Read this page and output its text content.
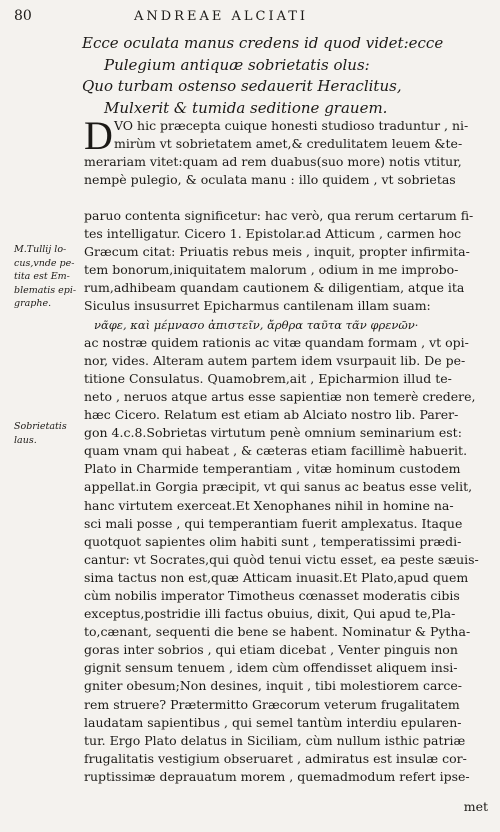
80	ANDREAE ALCIATI
Ecce oculata manus credens id quod videt:ecce
Pulegium antiquæ sobrietatis olus:
Quo turbam ostenso sedauerit Heraclitus,
Mulxerit & tumida seditione grauem.
D VO hic præcepta cuique honesti studioso traduntur , ni-
mirùm vt sobrietatem amet,& credulitatem leuem &te-
merariam vitet:quam ad rem duabus(suo more) notis vtitur,
nempè pulegio, & oculata manu : illo quidem , vt sobrietas
paruo contenta significetur: hac verò, qua rerum certarum fi-
tes intelligatur. Cicero 1. Epistolar.ad Atticum , carmen hoc
Græcum citat: Priuatis rebus meis , inquit, propter infirmita-
tem bonorum,iniquitatem malorum , odium in me improbo-
rum,adhibeam quandam cautionem & diligentiam, atque ita
Siculus insusurret Epicharmus cantilenam illam suam:
νᾶφε, καὶ μέμνασο ἀπιστεῖν, ἄρθρα ταῦτα τᾶν φρενῶν·
ac nostræ quidem rationis ac vitæ quandam formam , vt opi-
nor, vides. Alteram autem partem idem vsurpauit lib. De pe-
titione Consulatus. Quamobrem,ait , Epicharmion illud te-
neto , neruos atque artus esse sapientiæ non temerè credere,
hæc Cicero. Relatum est etiam ab Alciato nostro lib. Parer-
gon 4.c.8.Sobrietas virtutum penè omnium seminarium est:
quam vnam qui habeat , & cæteras etiam facillimè habuerit.
Plato in Charmide temperantiam , vitæ hominum custodem
appellat.in Gorgia præcipit, vt qui sanus ac beatus esse velit,
hanc virtutem exerceat.Et Xenophanes nihil in homine na-
sci mali posse , qui temperantiam fuerit amplexatus. Itaque
quotquot sapientes olim habiti sunt , temperatissimi prædi-
cantur: vt Socrates,qui quòd tenui victu esset, ea peste sæuis-
sima tactus non est,quæ Atticam inuasit.Et Plato,apud quem
cùm nobilis imperator Timotheus cœnasset moderatis cibis
exceptus,postridie illi factus obuius, dixit, Qui apud te,Pla-
to,cænant, sequenti die bene se habent. Nominatur & Pytha-
goras inter sobrios , qui etiam dicebat , Venter pinguis non
gignit sensum tenuem , idem cùm offendisset aliquem insi-
gniter obesum;Non desines, inquit , tibi molestiorem carce-
rem struere? Prætermitto Græcorum veterum frugalitatem
laudatam sapientibus , qui semel tantùm interdiu epularen-
tur. Ergo Plato delatus in Siciliam, cùm nullum isthic patriæ
frugalitatis vestigium obseruaret , admiratus est insulæ cor-
ruptissimæ deprauatum morem , quemadmodum refert ipse-
M.Tullij lo-
cus,vnde pe-
tita est Em-
blematis epi-
graphe.
Sobrietatis
laus.
met
